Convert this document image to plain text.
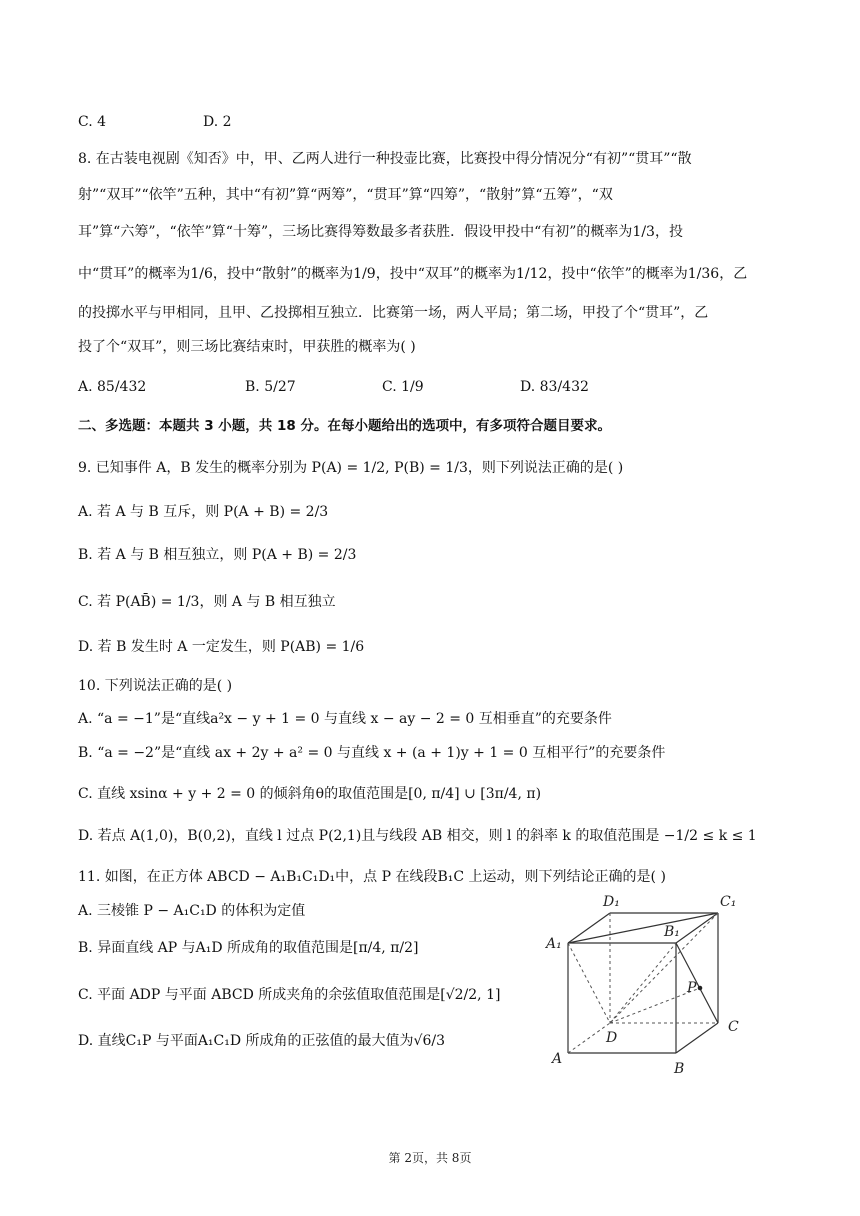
C. 4	D. 2
8. 在古装电视剧《知否》中，甲、乙两人进行一种投壶比赛，比赛投中得分情况分“有初”“贯耳”“散
射”“双耳”“依竿”五种，其中“有初”算“两筹”，“贯耳”算“四筹”，“散射”算“五筹”，“双
耳”算“六筹”，“依竿”算“十筹”，三场比赛得筹数最多者获胜．假设甲投中“有初”的概率为1/3，投
中“贯耳”的概率为1/6，投中“散射”的概率为1/9，投中“双耳”的概率为1/12，投中“依竿”的概率为1/36，乙
的投掷水平与甲相同，且甲、乙投掷相互独立．比赛第一场，两人平局；第二场，甲投了个“贯耳”，乙
投了个“双耳”，则三场比赛结束时，甲获胜的概率为( )
A. 85/432	B. 5/27	C. 1/9	D. 83/432
二、多选题：本题共 3 小题，共 18 分。在每小题给出的选项中，有多项符合题目要求。
9. 已知事件 A，B 发生的概率分别为 P(A) = 1/2, P(B) = 1/3，则下列说法正确的是( )
A. 若 A 与 B 互斥，则 P(A + B) = 2/3
B. 若 A 与 B 相互独立，则 P(A + B) = 2/3
C. 若 P(AB̄) = 1/3，则 A 与 B 相互独立
D. 若 B 发生时 A 一定发生，则 P(AB) = 1/6
10. 下列说法正确的是( )
A. “a = −1”是“直线a²x − y + 1 = 0 与直线 x − ay − 2 = 0 互相垂直”的充要条件
B. “a = −2”是“直线 ax + 2y + a² = 0 与直线 x + (a + 1)y + 1 = 0 互相平行”的充要条件
C. 直线 xsinα + y + 2 = 0 的倾斜角θ的取值范围是[0, π/4] ∪ [3π/4, π)
D. 若点 A(1,0)，B(0,2)，直线 l 过点 P(2,1)且与线段 AB 相交，则 l 的斜率 k 的取值范围是 −1/2 ≤ k ≤ 1
11. 如图，在正方体 ABCD − A₁B₁C₁D₁中，点 P 在线段B₁C 上运动，则下列结论正确的是( )
A. 三棱锥 P − A₁C₁D 的体积为定值
B. 异面直线 AP 与A₁D 所成角的取值范围是[π/4, π/2]
C. 平面 ADP 与平面 ABCD 所成夹角的余弦值取值范围是[√2/2, 1]
D. 直线C₁P 与平面A₁C₁D 所成角的正弦值的最大值为√6/3
D₁	C₁
B₁
A₁
P
D
C
A
B
第 2页，共 8页
